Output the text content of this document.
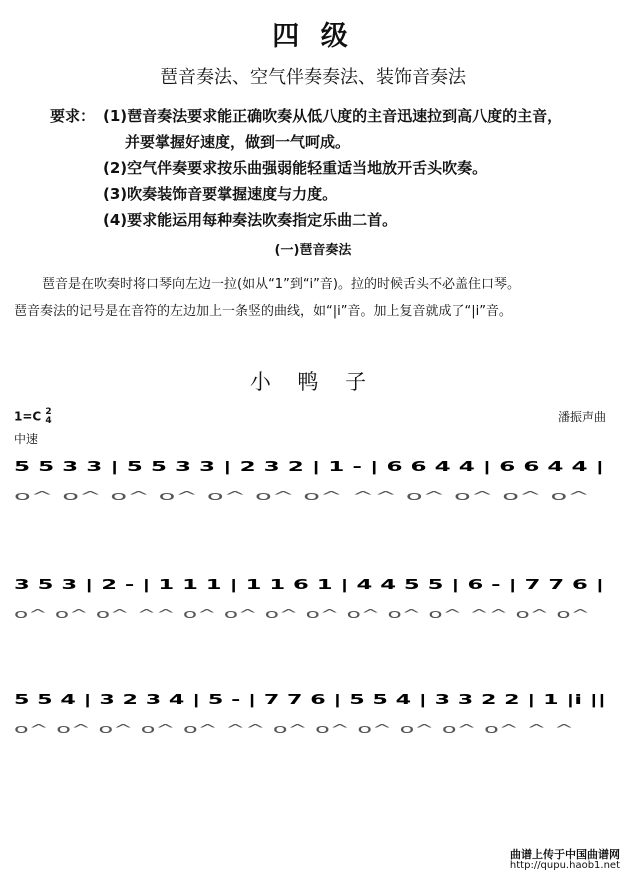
四 级
琶音奏法、空气伴奏奏法、装饰音奏法
要求： (1)琶音奏法要求能正确吹奏从低八度的主音迅速拉到高八度的主音，
并要掌握好速度，做到一气呵成。
(2)空气伴奏要求按乐曲强弱能轻重适当地放开舌头吹奏。
(3)吹奏装饰音要掌握速度与力度。
(4)要求能运用每种奏法吹奏指定乐曲二首。
(一)琶音奏法
琶音是在吹奏时将口琴向左边一拉(如从“1”到“i”音)。拉的时候舌头不必盖住口琴。
琶音奏法的记号是在音符的左边加上一条竖的曲线，如“|i”音。加上复音就成了“|i”音。
小 鸭 子
1=C 2
4	潘振声曲
中速
5 5 3 3 | 5 5 3 3 | 2 3 2 | 1 - | 6 6 4 4 | 6 6 4 4 |
o^ o^ o^ o^ o^ o^ o^ ^^ o^ o^ o^ o^
3 5 3 | 2 - | 1 1 1 | 1 1 6 1 | 4 4 5 5 | 6 - | 7 7 6 |
o^ o^ o^ ^^ o^ o^ o^ o^ o^ o^ o^ ^^ o^ o^
5 5 4 | 3 2 3 4 | 5 - | 7 7 6 | 5 5 4 | 3 3 2 2 | 1 |i ||
o^ o^ o^ o^ o^ ^^ o^ o^ o^ o^ o^ o^ ^ ^
曲谱上传于中国曲谱网
http://qupu.haob1.net
